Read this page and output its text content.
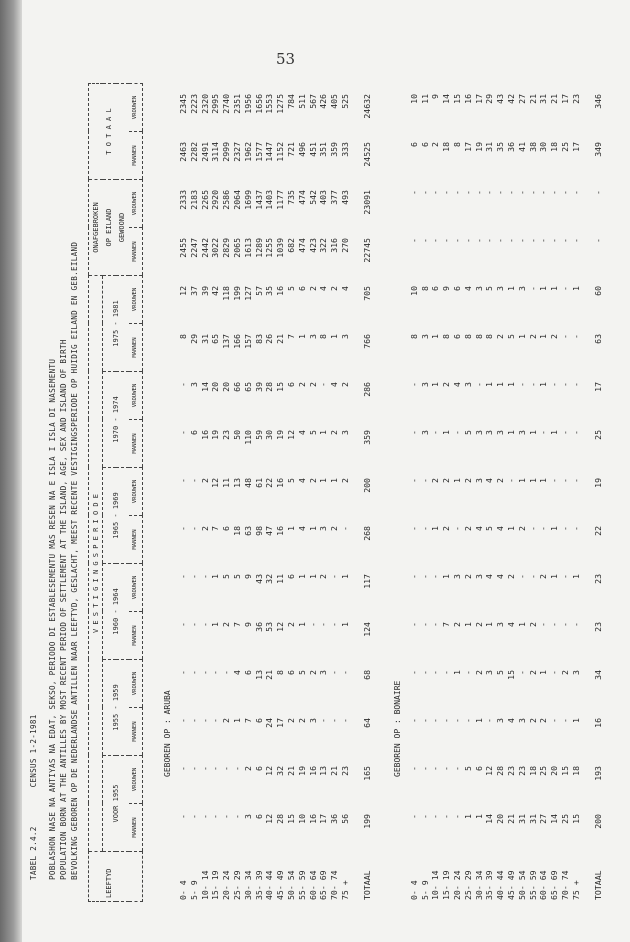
53
TABEL 2.4.2        CENSUS 1-2-1981 POBLASHON NASE NA ANTIYAS NA EDAT, SEKSO, PERIODO DI ESTABLESEMENTU MAS RESEN NA E ISLA I ISLA DI NASEMENTU POPULATION BORN AT THE ANTILLES BY MOST RECENT PERIOD OF SETTLEMENT AT THE ISLAND, AGE, SEX AND ISLAND OF BIRTH BEVOLKING GEBOREN OP DE NEDERLANDSE ANTILLEN NAAR LEEFTYD, GESLACHT, MEEST RECENTE VESTIGINGSPERIODE OP HUIDIG EILAND EN GEB.EILAND
LEEFTYD	V E S T I G I N G S P E R I O D E												ONAFGEBROKEN		T O T A A L	
	VOOR 1955		1955 - 1959		1960 - 1964		1965 - 1969		1970 - 1974		1975 - 1981		OP EILAND			
													GEWOOND			
	MANNEN	VROUWEN	MANNEN	VROUWEN	MANNEN	VROUWEN	MANNEN	VROUWEN	MANNEN	VROUWEN	MANNEN	VROUWEN	MANNEN	VROUWEN	MANNEN	VROUWEN
GEBOREN OP : ARUBA																
0- 4	-	-	-	-	-	-	-	-	-	-	8	12	2455	2333	2463	2345
5- 9	-	-	-	-	-	-	-	-	6	3	29	37	2247	2183	2282	2223
10- 14	-	-	-	-	-	-	2	2	16	14	31	39	2442	2265	2491	2320
15- 19	-	-	-	-	1	1	7	12	19	20	65	42	3022	2920	3114	2995
20- 24	-	-	2	-	2	5	6	11	23	20	137	118	2829	2586	2999	2740
25- 29	-	-	1	4	7	5	18	13	50	66	166	199	2065	2064	2327	2351
30- 34	3	2	7	6	9	9	63	48	110	65	157	127	1613	1699	1962	1956
35- 39	6	6	6	13	36	43	98	61	59	39	83	57	1289	1437	1577	1656
40- 44	12	12	24	21	53	32	47	22	30	28	26	35	1255	1403	1447	1553
45- 49	28	32	17	8	12	11	16	16	19	15	21	16	1039	1177	1152	1275
50- 54	15	21	2	6	2	6	1	5	12	6	7	5	682	735	721	784
55- 59	10	19	2	5	1	1	4	4	4	2	1	6	474	474	496	511
60- 64	16	16	3	2	-	1	1	2	5	2	3	2	423	542	451	567
65- 69	17	13	-	3	-	2	3	1	1	-	8	4	322	403	351	426
70- 74	36	21	-	-	-	-	2	1	2	4	1	2	316	377	359	405
75 +	56	23	-	-	1	1	-	2	3	2	3	4	270	493	333	525
TOTAAL	199	165	64	68	124	117	268	200	359	286	766	705	22745	23091	24525	24632

GEBOREN OP : BONAIRE																
0- 4	-	-	-	-	-	-	-	-	-	-	8	10	-	-	6	10
5- 9	-	-	-	-	-	-	-	-	3	3	3	8	-	-	6	11
10- 14	-	-	-	-	-	-	1	2	-	1	1	6	-	-	2	9
15- 19	-	-	-	-	7	1	2	2	1	2	8	9	-	-	18	14
20- 24	-	-	-	1	2	3	-	1	-	4	6	6	-	-	8	15
25- 29	1	5	-	-	1	2	2	2	5	3	8	4	-	-	17	16
30- 34	1	6	1	2	2	3	4	3	3	-	8	3	-	-	19	17
35- 39	14	12	-	3	1	4	5	4	3	1	8	5	-	-	31	29
40- 44	20	28	3	5	3	4	4	2	3	1	2	3	-	-	35	43
45- 49	21	23	4	15	4	2	1	-	1	1	5	1	-	-	36	42
50- 54	31	23	3	-	1	-	2	1	3	-	1	3	-	-	41	27
55- 59	31	18	2	2	2	-	-	1	1	-	2	-	-	-	38	21
60- 64	27	25	2	1	-	2	-	1	-	1	1	1	-	-	30	31
65- 69	14	20	-	-	-	1	1	-	1	-	2	1	-	-	18	21
70- 74	25	15	-	2	-	-	-	-	-	-	-	-	-	-	25	17
75 +	15	18	1	3	-	1	-	-	-	-	-	1	-	-	17	23
TOTAAL	200	193	16	34	23	23	22	19	25	17	63	60	-	-	349	346
